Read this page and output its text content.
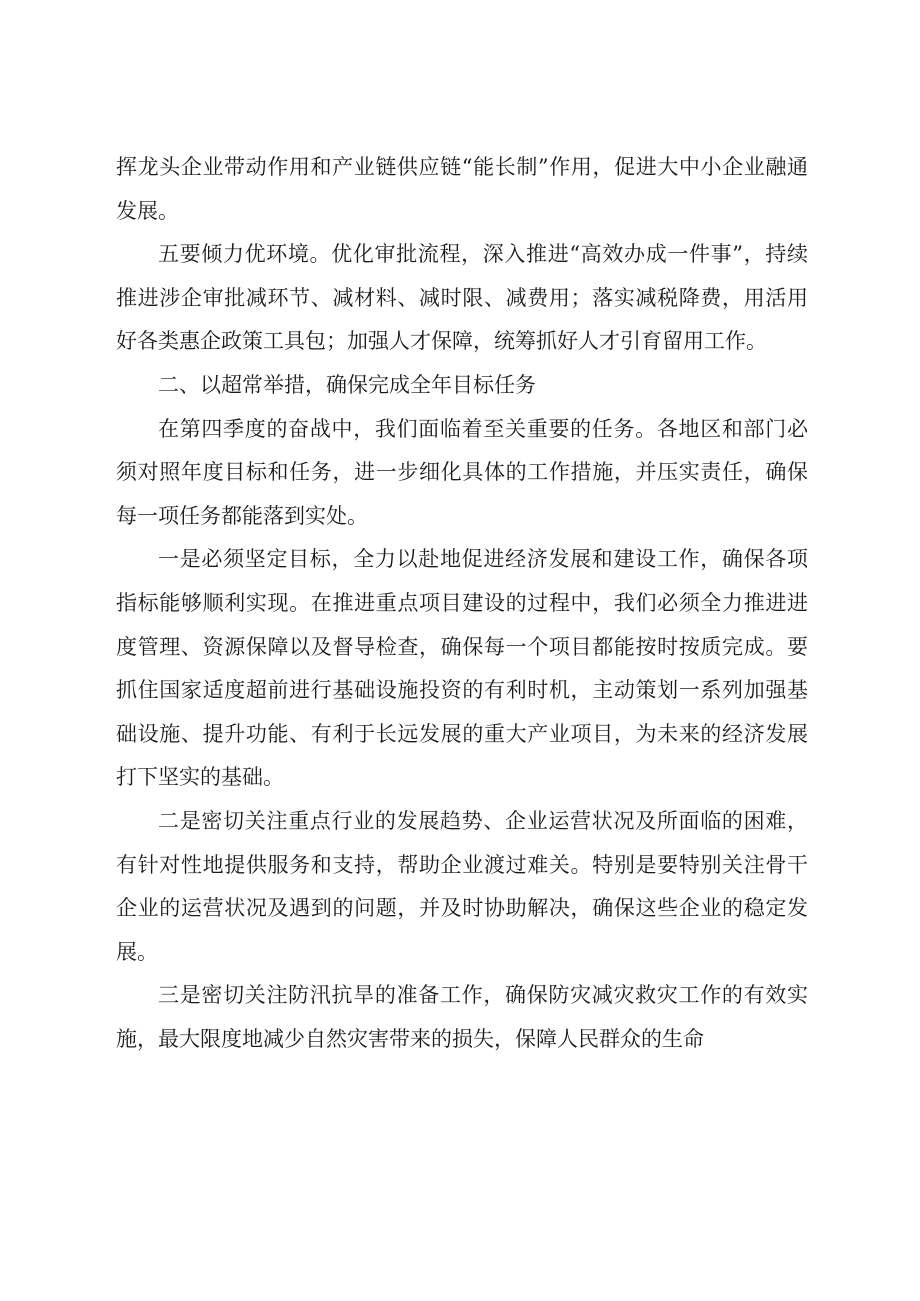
挥龙头企业带动作用和产业链供应链“能长制”作用，促进大中小企业融通发展。

五要倾力优环境。优化审批流程，深入推进“高效办成一件事”，持续推进涉企审批减环节、减材料、减时限、减费用；落实减税降费，用活用好各类惠企政策工具包；加强人才保障，统筹抓好人才引育留用工作。

二、以超常举措，确保完成全年目标任务

在第四季度的奋战中，我们面临着至关重要的任务。各地区和部门必须对照年度目标和任务，进一步细化具体的工作措施，并压实责任，确保每一项任务都能落到实处。

一是必须坚定目标，全力以赴地促进经济发展和建设工作，确保各项指标能够顺利实现。在推进重点项目建设的过程中，我们必须全力推进进度管理、资源保障以及督导检查，确保每一个项目都能按时按质完成。要抓住国家适度超前进行基础设施投资的有利时机，主动策划一系列加强基础设施、提升功能、有利于长远发展的重大产业项目，为未来的经济发展打下坚实的基础。

二是密切关注重点行业的发展趋势、企业运营状况及所面临的困难，有针对性地提供服务和支持，帮助企业渡过难关。特别是要特别关注骨干企业的运营状况及遇到的问题，并及时协助解决，确保这些企业的稳定发展。

三是密切关注防汛抗旱的准备工作，确保防灾减灾救灾工作的有效实施，最大限度地减少自然灾害带来的损失，保障人民群众的生命
